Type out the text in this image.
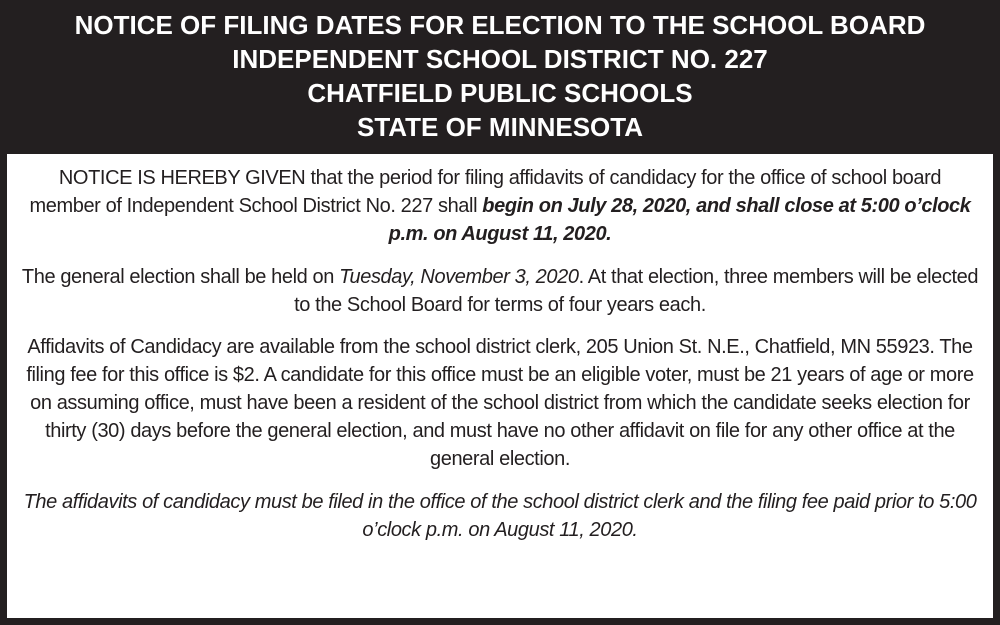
NOTICE OF FILING DATES FOR ELECTION TO THE SCHOOL BOARD
INDEPENDENT SCHOOL DISTRICT NO. 227
CHATFIELD PUBLIC SCHOOLS
STATE OF MINNESOTA

NOTICE IS HEREBY GIVEN that the period for filing affidavits of candidacy for the office of school board member of Independent School District No. 227 shall begin on July 28, 2020, and shall close at 5:00 o’clock p.m. on August 11, 2020.

The general election shall be held on Tuesday, November 3, 2020. At that election, three members will be elected to the School Board for terms of four years each.

Affidavits of Candidacy are available from the school district clerk, 205 Union St. N.E., Chatfield, MN 55923. The filing fee for this office is $2. A candidate for this office must be an eligible voter, must be 21 years of age or more on assuming office, must have been a resident of the school district from which the candidate seeks election for thirty (30) days before the general election, and must have no other affidavit on file for any other office at the general election.

The affidavits of candidacy must be filed in the office of the school district clerk and the filing fee paid prior to 5:00 o’clock p.m. on August 11, 2020.
